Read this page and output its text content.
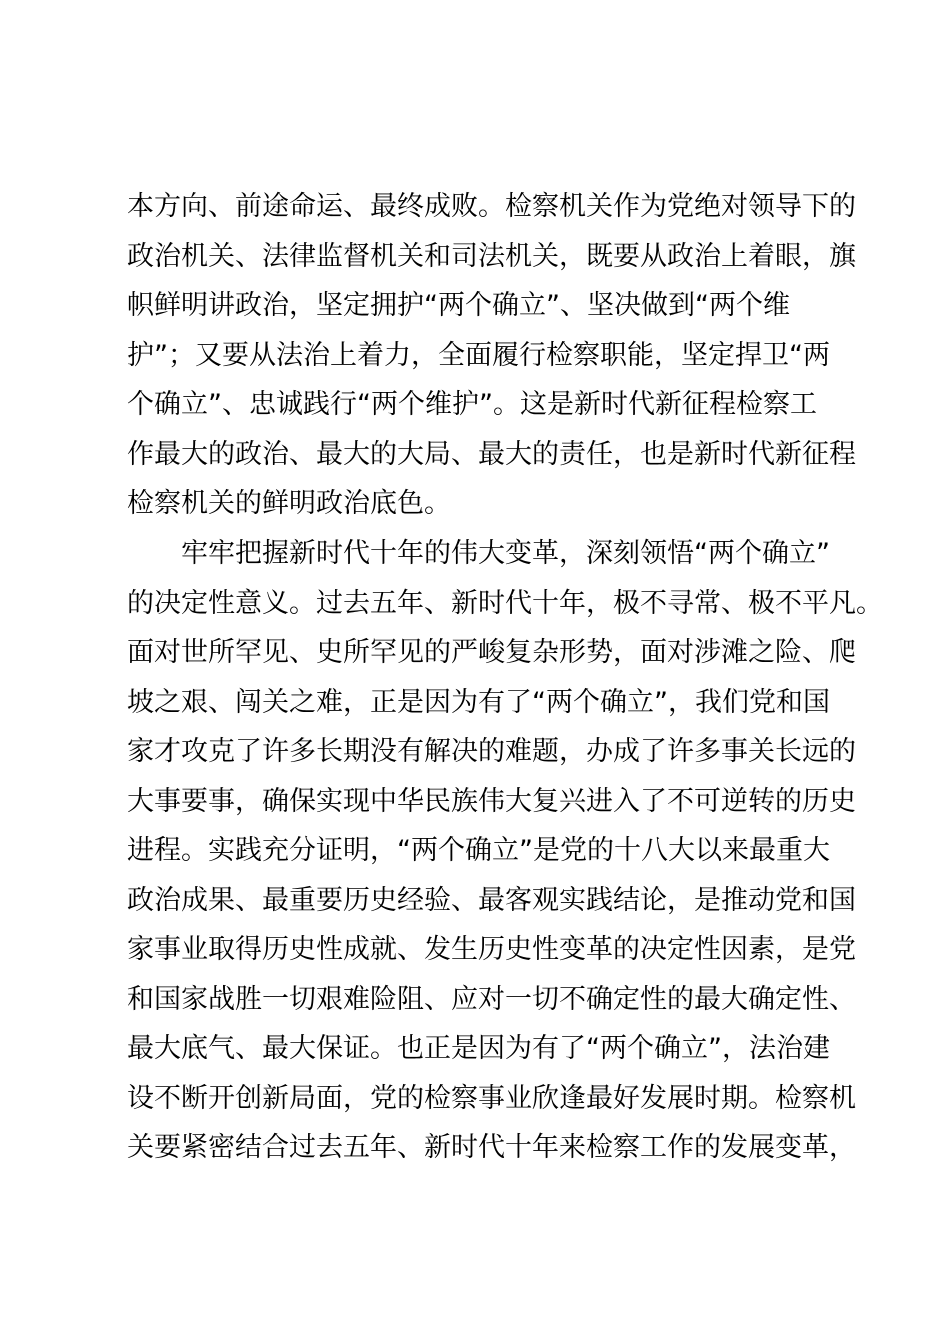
本方向、前途命运、最终成败。检察机关作为党绝对领导下的
政治机关、法律监督机关和司法机关，既要从政治上着眼，旗
帜鲜明讲政治，坚定拥护“两个确立”、坚决做到“两个维
护”；又要从法治上着力，全面履行检察职能，坚定捍卫“两
个确立”、忠诚践行“两个维护”。这是新时代新征程检察工
作最大的政治、最大的大局、最大的责任，也是新时代新征程
检察机关的鲜明政治底色。
　　牢牢把握新时代十年的伟大变革，深刻领悟“两个确立”
的决定性意义。过去五年、新时代十年，极不寻常、极不平凡。
面对世所罕见、史所罕见的严峻复杂形势，面对涉滩之险、爬
坡之艰、闯关之难，正是因为有了“两个确立”，我们党和国
家才攻克了许多长期没有解决的难题，办成了许多事关长远的
大事要事，确保实现中华民族伟大复兴进入了不可逆转的历史
进程。实践充分证明，“两个确立”是党的十八大以来最重大
政治成果、最重要历史经验、最客观实践结论，是推动党和国
家事业取得历史性成就、发生历史性变革的决定性因素，是党
和国家战胜一切艰难险阻、应对一切不确定性的最大确定性、
最大底气、最大保证。也正是因为有了“两个确立”，法治建
设不断开创新局面，党的检察事业欣逢最好发展时期。检察机
关要紧密结合过去五年、新时代十年来检察工作的发展变革，
